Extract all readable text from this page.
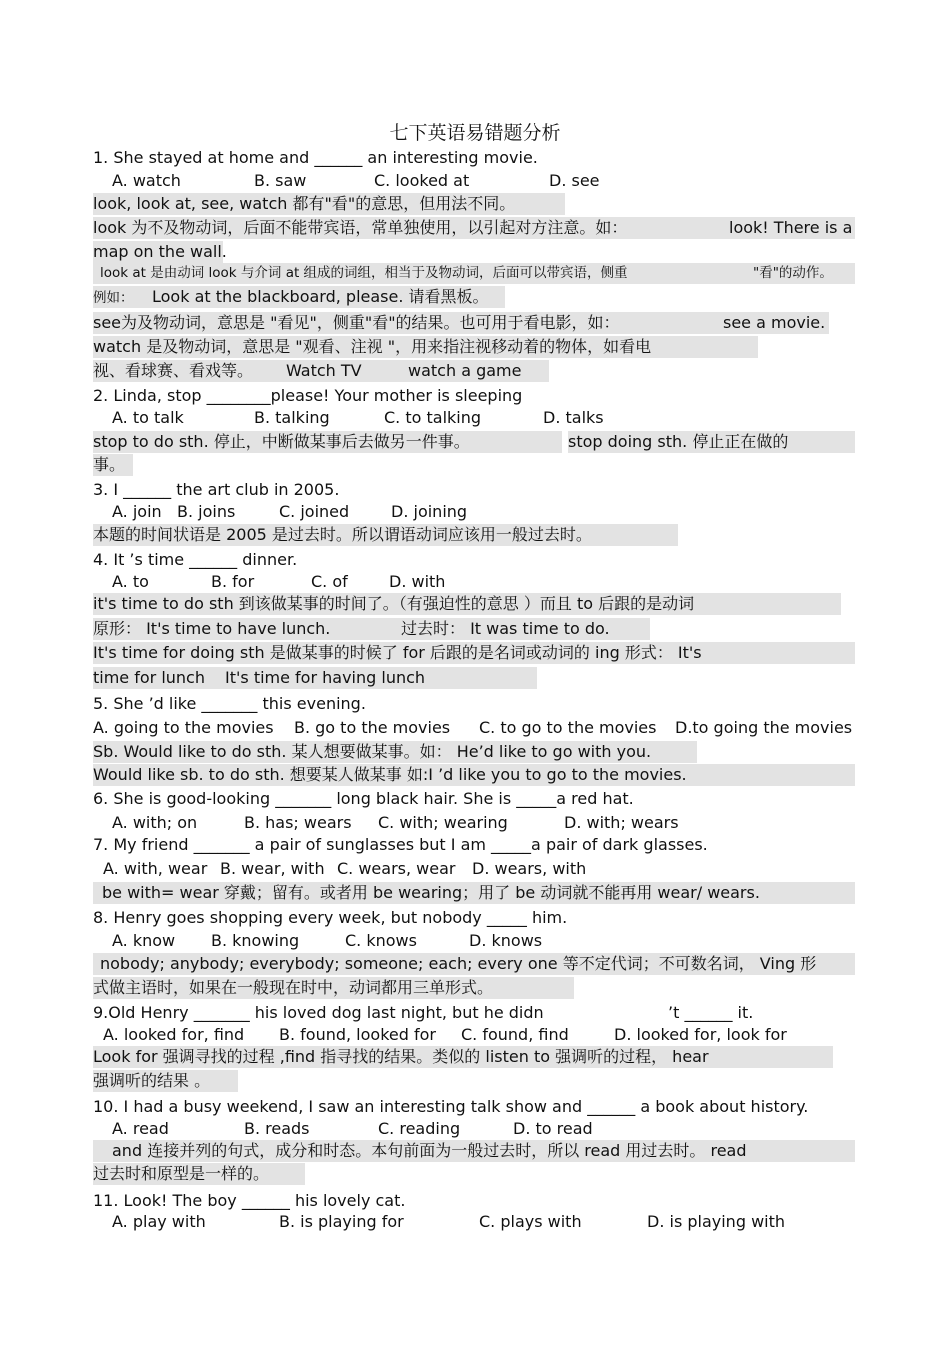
七下英语易错题分析
1. She stayed at home and ______ an interesting movie.
A. watch	B. saw	C. looked at	D. see
look, look at, see, watch 都有"看"的意思，但用法不同。
look 为不及物动词，后面不能带宾语，常单独使用，以引起对方注意。如：	look! There is a
map on the wall.
look at 是由动词 look 与介词 at 组成的词组，相当于及物动词，后面可以带宾语，侧重	"看"的动作。
例如： Look at the blackboard, please. 请看黑板。
see为及物动词，意思是 "看见"，侧重"看"的结果。也可用于看电影，如：	see a movie.
watch 是及物动词，意思是 "观看、注视 "，用来指注视移动着的物体，如看电
视、看球赛、看戏等。 Watch TV	watch a game
2. Linda, stop ________please! Your mother is sleeping
A. to talk	B. talking	C. to talking	D. talks
stop to do sth. 停止，中断做某事后去做另一件事。	stop doing sth. 停止正在做的
事。
3. I ______ the art club in 2005.
A. join B. joins	C. joined	D. joining
本题的时间状语是 2005 是过去时。所以谓语动词应该用一般过去时。
4. It ’s time ______ dinner.
A. to	B. for	C. of	D. with
it's time to do sth 到该做某事的时间了。（有强迫性的意思 ）而且 to 后跟的是动词
原形： It's time to have lunch.	过去时： It was time to do.
It's time for doing sth 是做某事的时候了 for 后跟的是名词或动词的 ing 形式： It's
time for lunch It's time for having lunch
5. She ’d like _______ this evening.
A. going to the movies B. go to the movies C. to go to the movies D.to going the movies
Sb. Would like to do sth. 某人想要做某事。如： He’d like to go with you.
Would like sb. to do sth. 想要某人做某事 如:I ’d like you to go to the movies.
6. She is good-looking _______ long black hair. She is _____a red hat.
A. with; on	B. has; wears C. with; wearing	D. with; wears
7. My friend _______ a pair of sunglasses but I am _____a pair of dark glasses.
A. with, wear B. wear, with C. wears, wear D. wears, with
be with= wear 穿戴；留有。或者用 be wearing；用了 be 动词就不能再用 wear/ wears.
8. Henry goes shopping every week, but nobody _____ him.
A. know B. knowing	C. knows	D. knows
nobody; anybody; everybody; someone; each; every one 等不定代词；不可数名词， Ving 形
式做主语时，如果在一般现在时中，动词都用三单形式。
9.Old Henry _______ his loved dog last night, but he didn	’t ______ it.
A. looked for, find B. found, looked for C. found, find	D. looked for, look for
Look for 强调寻找的过程 ,find 指寻找的结果。类似的 listen to 强调听的过程， hear
强调听的结果 。
10. I had a busy weekend, I saw an interesting talk show and ______ a book about history.
A. read	B. reads	C. reading	D. to read
and 连接并列的句式，成分和时态。本句前面为一般过去时，所以 read 用过去时。 read
过去时和原型是一样的。
11. Look! The boy ______ his lovely cat.
A. play with	B. is playing for	C. plays with	D. is playing with
